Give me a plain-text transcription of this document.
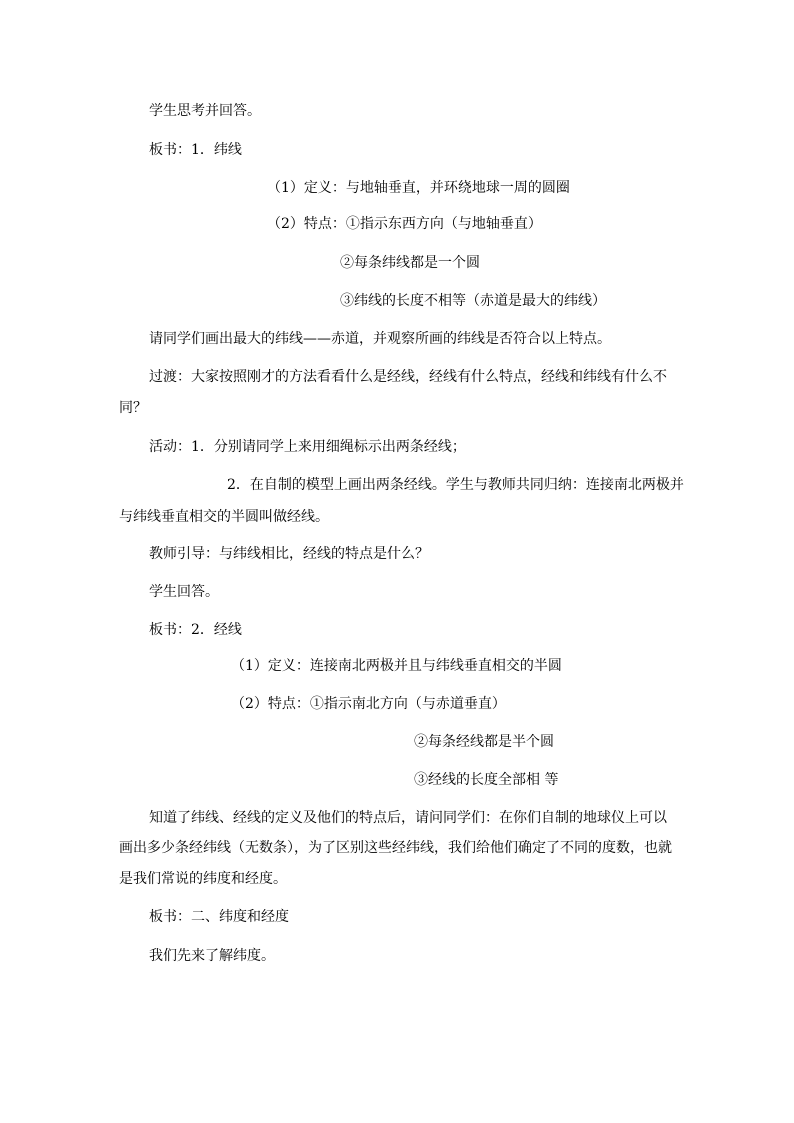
学生思考并回答。

板书：1．纬线

（1）定义：与地轴垂直，并环绕地球一周的圆圈

（2）特点：①指示东西方向（与地轴垂直）

②每条纬线都是一个圆

③纬线的长度不相等（赤道是最大的纬线）

请同学们画出最大的纬线——赤道，并观察所画的纬线是否符合以上特点。

过渡：大家按照刚才的方法看看什么是经线，经线有什么特点，经线和纬线有什么不

同？

活动：1．分别请同学上来用细绳标示出两条经线；

2．在自制的模型上画出两条经线。学生与教师共同归纳：连接南北两极并

与纬线垂直相交的半圆叫做经线。

教师引导：与纬线相比，经线的特点是什么？

学生回答。

板书：2．经线

（1）定义：连接南北两极并且与纬线垂直相交的半圆

（2）特点：①指示南北方向（与赤道垂直）

②每条经线都是半个圆

③经线的长度全部相 等

知道了纬线、经线的定义及他们的特点后，请问同学们：在你们自制的地球仪上可以

画出多少条经纬线（无数条），为了区别这些经纬线，我们给他们确定了不同的度数，也就

是我们常说的纬度和经度。

板书：二、纬度和经度

我们先来了解纬度。
